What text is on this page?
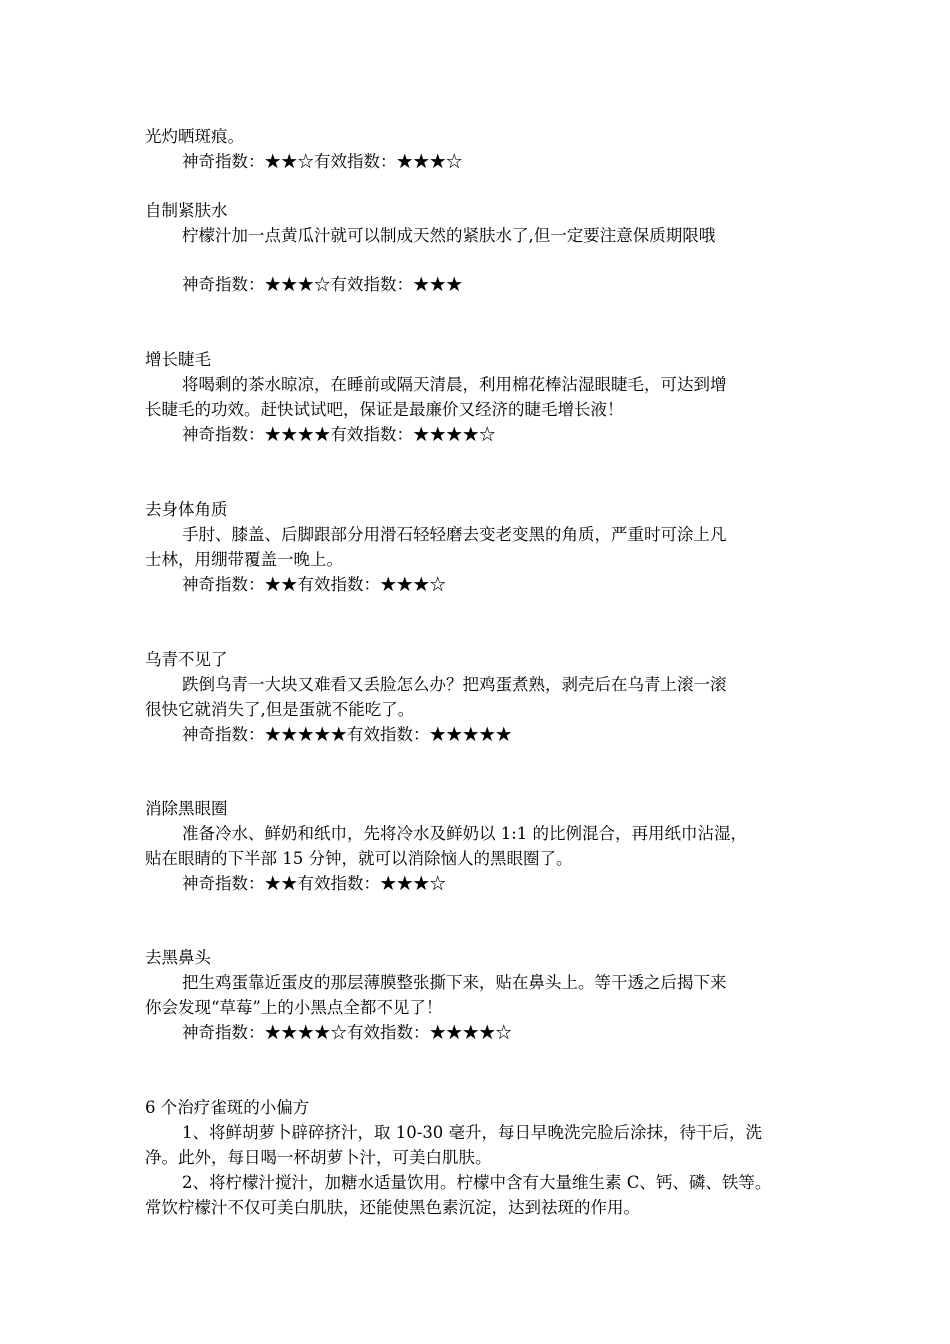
光灼晒斑痕。
神奇指数：★★☆有效指数：★★★☆
自制紧肤水
柠檬汁加一点黄瓜汁就可以制成天然的紧肤水了,但一定要注意保质期限哦
神奇指数：★★★☆有效指数：★★★
增长睫毛
将喝剩的茶水晾凉，在睡前或隔天清晨，利用棉花棒沾湿眼睫毛，可达到增
长睫毛的功效。赶快试试吧，保证是最廉价又经济的睫毛增长液！
神奇指数：★★★★有效指数：★★★★☆
去身体角质
手肘、膝盖、后脚跟部分用滑石轻轻磨去变老变黑的角质，严重时可涂上凡
士林，用绷带覆盖一晚上。
神奇指数：★★有效指数：★★★☆
乌青不见了
跌倒乌青一大块又难看又丢脸怎么办？把鸡蛋煮熟，剥壳后在乌青上滚一滚
很快它就消失了,但是蛋就不能吃了。
神奇指数：★★★★★有效指数：★★★★★
消除黑眼圈
准备冷水、鲜奶和纸巾，先将冷水及鲜奶以 1:1 的比例混合，再用纸巾沾湿，
贴在眼睛的下半部 15 分钟，就可以消除恼人的黑眼圈了。
神奇指数：★★有效指数：★★★☆
去黑鼻头
把生鸡蛋靠近蛋皮的那层薄膜整张撕下来，贴在鼻头上。等干透之后揭下来
你会发现“草莓”上的小黑点全都不见了！
神奇指数：★★★★☆有效指数：★★★★☆
6 个治疗雀斑的小偏方
1、将鲜胡萝卜辟碎挤汁，取 10-30 毫升，每日早晚洗完脸后涂抹，待干后，洗
净。此外，每日喝一杯胡萝卜汁，可美白肌肤。
2、将柠檬汁搅汁，加糖水适量饮用。柠檬中含有大量维生素 C、钙、磷、铁等。
常饮柠檬汁不仅可美白肌肤，还能使黑色素沉淀，达到祛斑的作用。
